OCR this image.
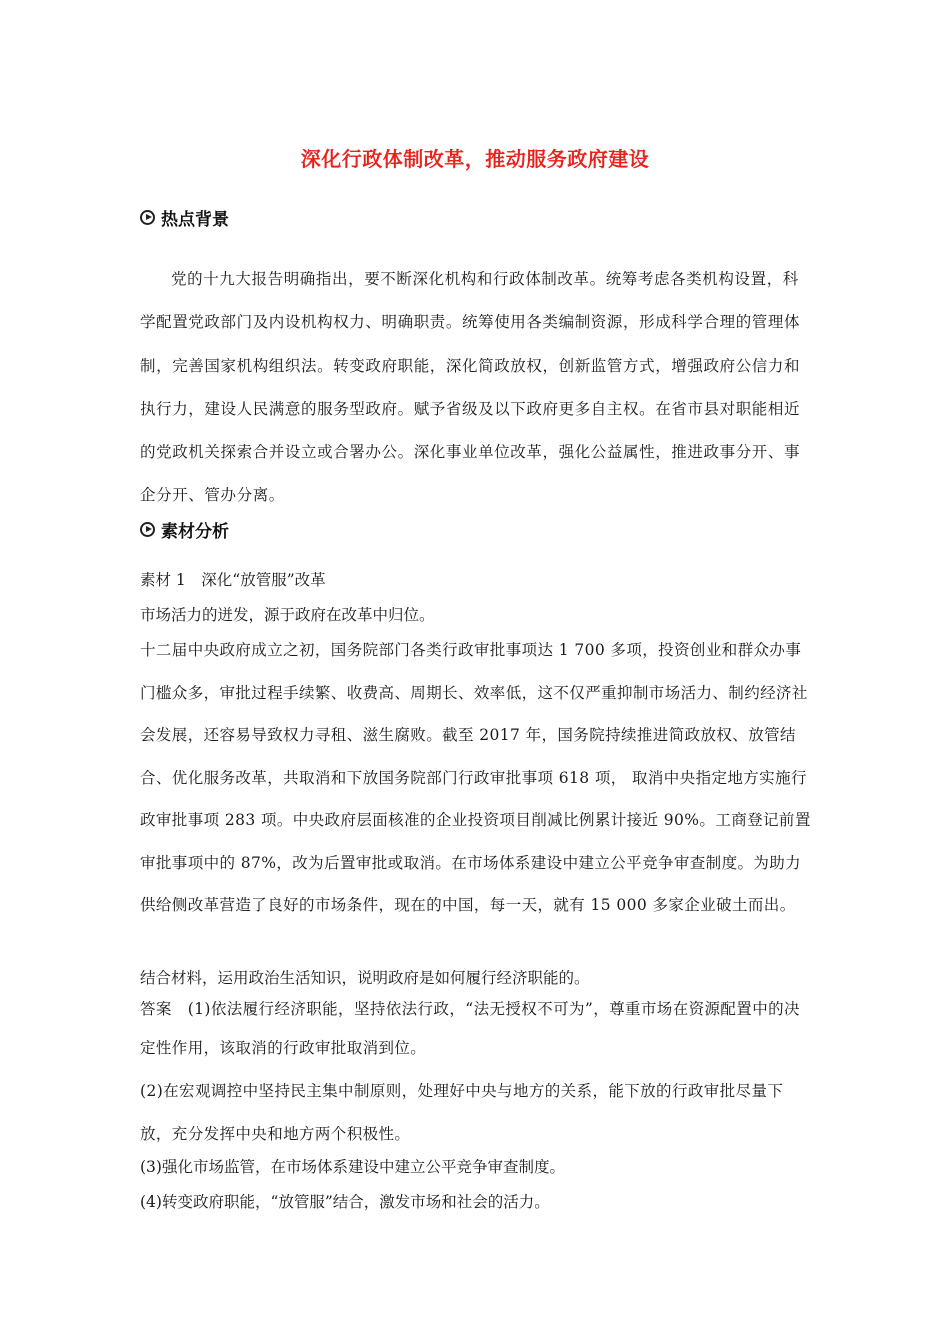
深化行政体制改革，推动服务政府建设
热点背景

党的十九大报告明确指出，要不断深化机构和行政体制改革。统筹考虑各类机构设置，科学配置党政部门及内设机构权力、明确职责。统筹使用各类编制资源，形成科学合理的管理体制，完善国家机构组织法。转变政府职能，深化简政放权，创新监管方式，增强政府公信力和执行力，建设人民满意的服务型政府。赋予省级及以下政府更多自主权。在省市县对职能相近的党政机关探索合并设立或合署办公。深化事业单位改革，强化公益属性，推进政事分开、事企分开、管办分离。

素材分析
素材 1　深化“放管服”改革
市场活力的迸发，源于政府在改革中归位。

十二届中央政府成立之初，国务院部门各类行政审批事项达 1 700 多项，投资创业和群众办事门槛众多，审批过程手续繁、收费高、周期长、效率低，这不仅严重抑制市场活力、制约经济社会发展，还容易导致权力寻租、滋生腐败。截至 2017 年，国务院持续推进简政放权、放管结合、优化服务改革，共取消和下放国务院部门行政审批事项 618 项， 取消中央指定地方实施行政审批事项 283 项。中央政府层面核准的企业投资项目削减比例累计接近 90%。工商登记前置审批事项中的 87%，改为后置审批或取消。在市场体系建设中建立公平竞争审查制度。为助力供给侧改革营造了良好的市场条件，现在的中国，每一天，就有 15 000 多家企业破土而出。

结合材料，运用政治生活知识，说明政府是如何履行经济职能的。

答案　(1)依法履行经济职能，坚持依法行政，“法无授权不可为”，尊重市场在资源配置中的决定性作用，该取消的行政审批取消到位。

(2)在宏观调控中坚持民主集中制原则，处理好中央与地方的关系，能下放的行政审批尽量下放，充分发挥中央和地方两个积极性。

(3)强化市场监管，在市场体系建设中建立公平竞争审查制度。
(4)转变政府职能，“放管服”结合，激发市场和社会的活力。
